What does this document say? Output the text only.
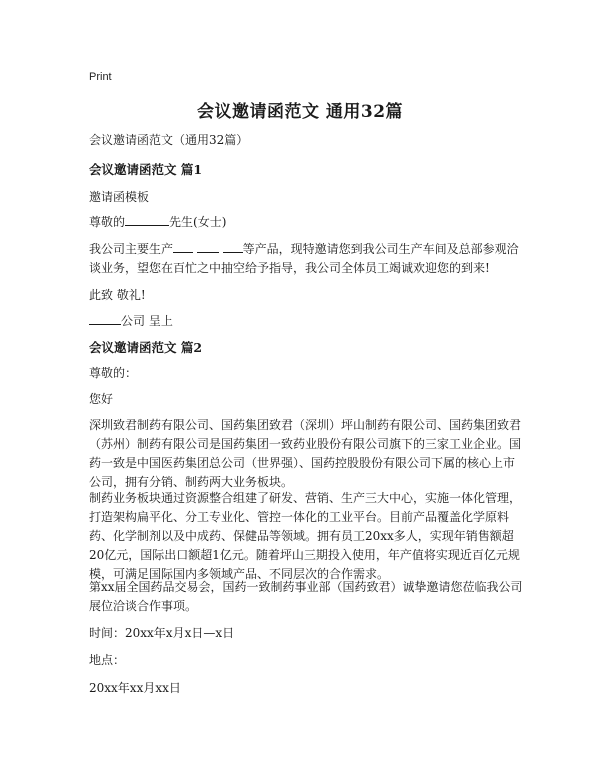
Print
会议邀请函范文 通用32篇

会议邀请函范文（通用32篇）

会议邀请函范文 篇1

邀请函模板

尊敬的	先生(女士)

我公司主要生产	等产品，现特邀请您到我公司生产车间及总部参观洽谈业务，望您在百忙之中抽空给予指导，我公司全体员工竭诚欢迎您的到来!

此致 敬礼!

公司 呈上

会议邀请函范文 篇2

尊敬的：

您好

深圳致君制药有限公司、国药集团致君（深圳）坪山制药有限公司、国药集团致君（苏州）制药有限公司是国药集团一致药业股份有限公司旗下的三家工业企业。国药一致是中国医药集团总公司（世界强）、国药控股股份有限公司下属的核心上市公司，拥有分销、制药两大业务板块。

制药业务板块通过资源整合组建了研发、营销、生产三大中心，实施一体化管理，打造架构扁平化、分工专业化、管控一体化的工业平台。目前产品覆盖化学原料药、化学制剂以及中成药、保健品等领域。拥有员工20xx多人，实现年销售额超20亿元，国际出口额超1亿元。随着坪山三期投入使用，年产值将实现近百亿元规模，可满足国际国内多领域产品、不同层次的合作需求。

第xx届全国药品交易会，国药一致制药事业部（国药致君）诚挚邀请您莅临我公司展位洽谈合作事项。

时间：20xx年x月x日—x日

地点：

20xx年xx月xx日
